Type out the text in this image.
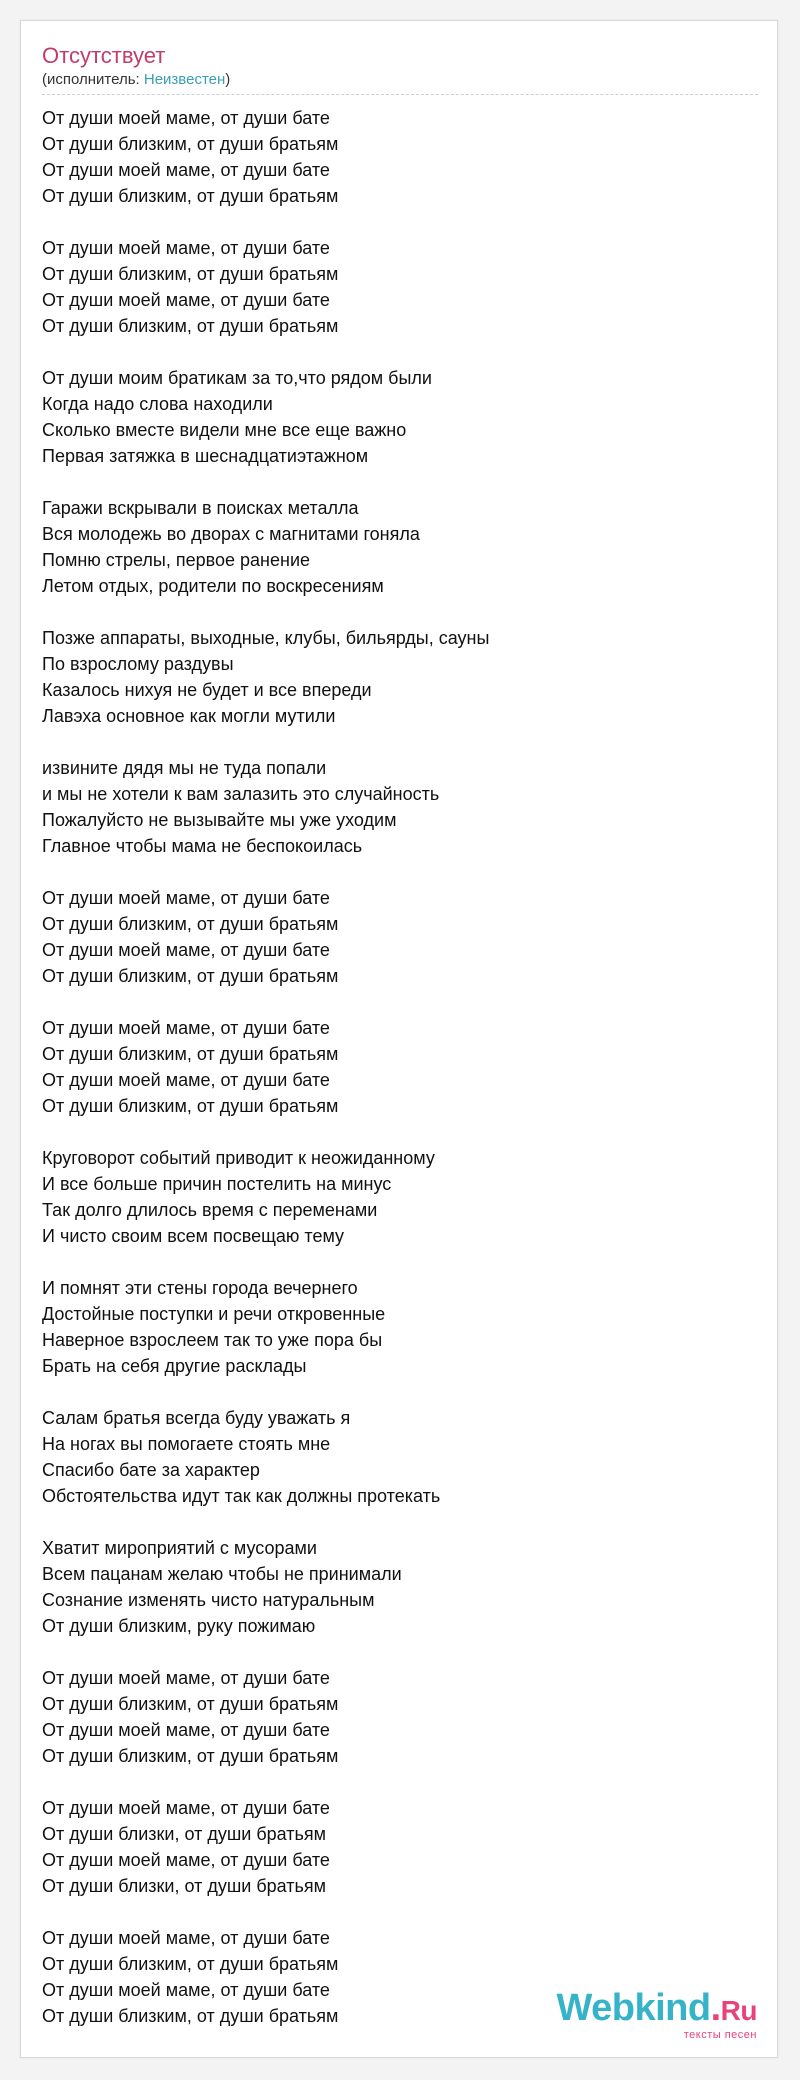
Отсутствует
(исполнитель: Неизвестен)
От души моей маме, от души бате
От души близким, от души братьям
От души моей маме, от души бате
От души близким, от души братьям
От души моей маме, от души бате
От души близким, от души братьям
От души моей маме, от души бате
От души близким, от души братьям
От души моим братикам за то,что рядом были
Когда надо слова находили
Сколько вместе видели мне все еще важно
Первая затяжка в шеснадцатиэтажном
Гаражи вскрывали в поисках металла
Вся молодежь во дворах с магнитами гоняла
Помню стрелы, первое ранение
Летом отдых, родители по воскресениям
Позже аппараты, выходные, клубы, бильярды, сауны
По взрослому раздувы
Казалось нихуя не будет и все впереди
Лавэха основное как могли мутили
извините дядя мы не туда попали
и мы не хотели к вам залазить это случайность
Пожалуйсто не вызывайте мы уже уходим
Главное чтобы мама не беспокоилась
От души моей маме, от души бате
От души близким, от души братьям
От души моей маме, от души бате
От души близким, от души братьям
От души моей маме, от души бате
От души близким, от души братьям
От души моей маме, от души бате
От души близким, от души братьям
Круговорот событий приводит к неожиданному
И все больше причин постелить на минус
Так долго длилось время с переменами
И чисто своим всем посвещаю тему
И помнят эти стены города вечернего
Достойные поступки и речи откровенные
Наверное взрослеем так то уже пора бы
Брать на себя другие расклады
Салам братья всегда буду уважать я
На ногах вы помогаете стоять мне
Спасибо бате за характер
Обстоятельства идут так как должны протекать
Хватит мироприятий с мусорами
Всем пацанам желаю чтобы не принимали
Сознание изменять чисто натуральным
От души близким, руку пожимаю
От души моей маме, от души бате
От души близким, от души братьям
От души моей маме, от души бате
От души близким, от души братьям
От души моей маме, от души бате
От души близки, от души братьям
От души моей маме, от души бате
От души близки, от души братьям
От души моей маме, от души бате
От души близким, от души братьям
От души моей маме, от души бате
От души близким, от души братьям	Webkind.Ru
тексты песен
